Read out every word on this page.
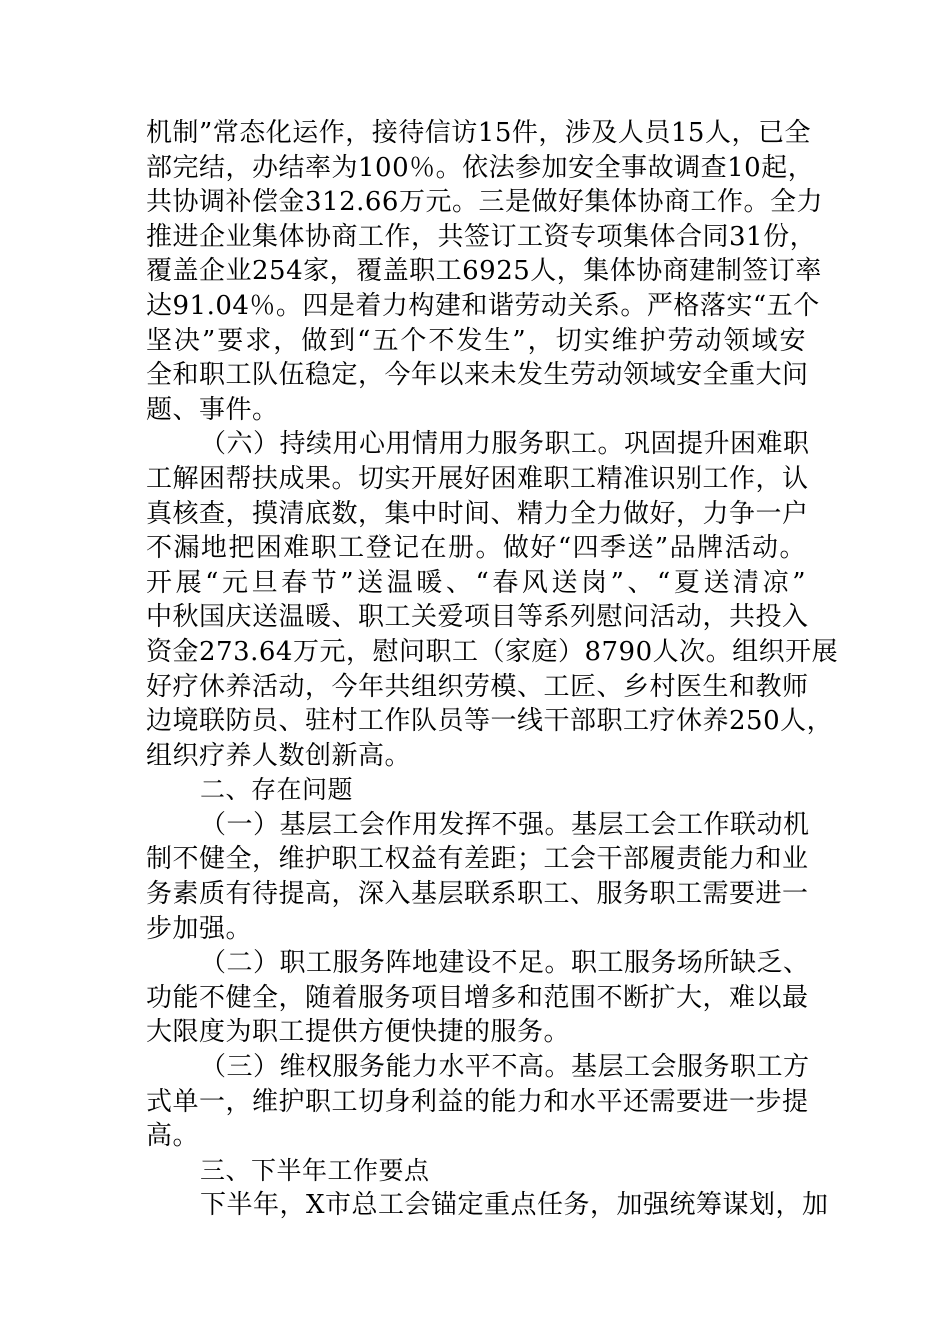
机制”常态化运作，接待信访15件，涉及人员15人，已全
部完结，办结率为100％。依法参加安全事故调查10起，
共协调补偿金312.66万元。三是做好集体协商工作。全力
推进企业集体协商工作，共签订工资专项集体合同31份，
覆盖企业254家，覆盖职工6925人，集体协商建制签订率
达91.04％。四是着力构建和谐劳动关系。严格落实“五个
坚决”要求，做到“五个不发生”，切实维护劳动领域安
全和职工队伍稳定，今年以来未发生劳动领域安全重大问
题、事件。
（六）持续用心用情用力服务职工。巩固提升困难职
工解困帮扶成果。切实开展好困难职工精准识别工作，认
真核查，摸清底数，集中时间、精力全力做好，力争一户
不漏地把困难职工登记在册。做好“四季送”品牌活动。
开展“元旦春节”送温暖、“春风送岗”、“夏送清凉”
中秋国庆送温暖、职工关爱项目等系列慰问活动，共投入
资金273.64万元，慰问职工（家庭）8790人次。组织开展
好疗休养活动，今年共组织劳模、工匠、乡村医生和教师
边境联防员、驻村工作队员等一线干部职工疗休养250人，
组织疗养人数创新高。
二、存在问题
（一）基层工会作用发挥不强。基层工会工作联动机
制不健全，维护职工权益有差距；工会干部履责能力和业
务素质有待提高，深入基层联系职工、服务职工需要进一
步加强。
（二）职工服务阵地建设不足。职工服务场所缺乏、
功能不健全，随着服务项目增多和范围不断扩大，难以最
大限度为职工提供方便快捷的服务。
（三）维权服务能力水平不高。基层工会服务职工方
式单一，维护职工切身利益的能力和水平还需要进一步提
高。
三、下半年工作要点
下半年，X市总工会锚定重点任务，加强统筹谋划，加
